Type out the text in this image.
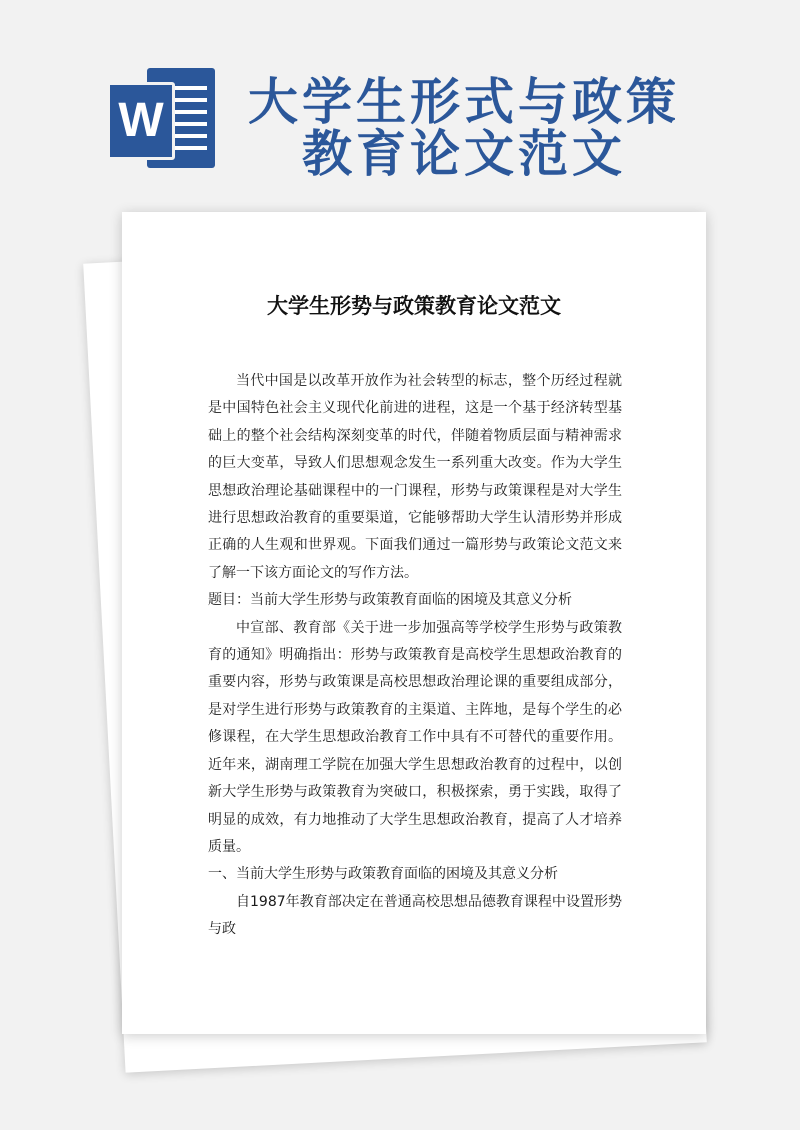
W 大学生形式与政策
教育论文范文
大学生形势与政策教育论文范文

当代中国是以改革开放作为社会转型的标志，整个历经过程就是中国特色社会主义现代化前进的进程，这是一个基于经济转型基础上的整个社会结构深刻变革的时代，伴随着物质层面与精神需求的巨大变革，导致人们思想观念发生一系列重大改变。作为大学生思想政治理论基础课程中的一门课程，形势与政策课程是对大学生进行思想政治教育的重要渠道，它能够帮助大学生认清形势并形成正确的人生观和世界观。下面我们通过一篇形势与政策论文范文来了解一下该方面论文的写作方法。

题目：当前大学生形势与政策教育面临的困境及其意义分析

中宣部、教育部《关于进一步加强高等学校学生形势与政策教育的通知》明确指出：形势与政策教育是高校学生思想政治教育的重要内容，形势与政策课是高校思想政治理论课的重要组成部分，是对学生进行形势与政策教育的主渠道、主阵地，是每个学生的必修课程，在大学生思想政治教育工作中具有不可替代的重要作用。近年来，湖南理工学院在加强大学生思想政治教育的过程中，以创新大学生形势与政策教育为突破口，积极探索，勇于实践，取得了明显的成效，有力地推动了大学生思想政治教育，提高了人才培养质量。

一、当前大学生形势与政策教育面临的困境及其意义分析

自1987年教育部决定在普通高校思想品德教育课程中设置形势与政
